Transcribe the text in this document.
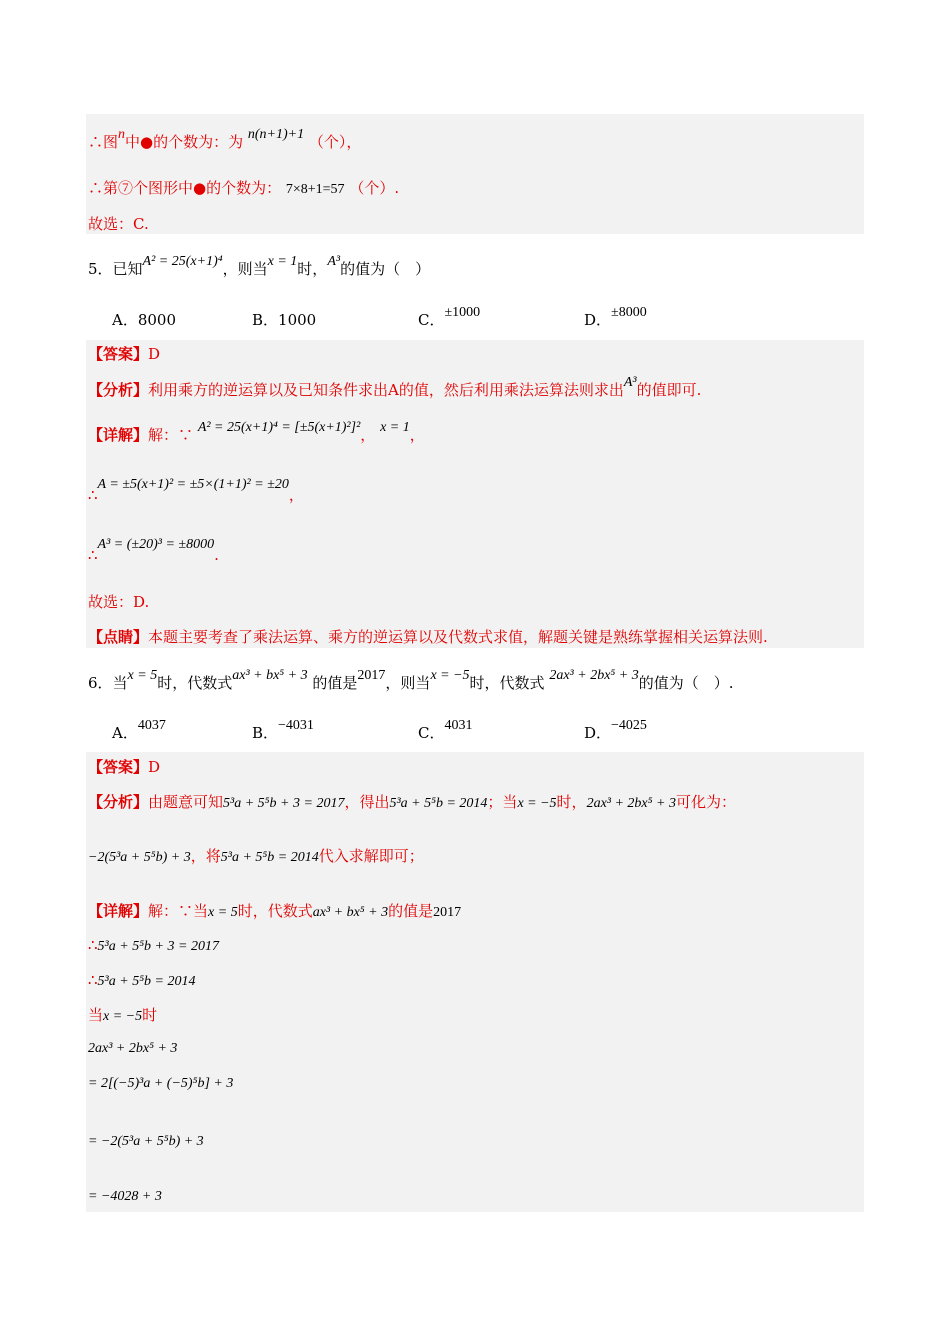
∴图n中●的个数为：为 n(n+1)+1 （个），
∴第⑦个图形中●的个数为： 7×8+1=57 （个）.
故选：C.
5．已知A² = 25(x+1)⁴，则当x = 1时，A³的值为（　）
A．8000	B．1000	C．±1000	D．±8000
【答案】D
【分析】利用乘方的逆运算以及已知条件求出Α的值，然后利用乘法运算法则求出A³的值即可.
【详解】解：∵ A² = 25(x+1)⁴ = [±5(x+1)²]²， x = 1，
∴A = ±5(x+1)² = ±5×(1+1)² = ±20，
∴A³ = (±20)³ = ±8000.
故选：D.
【点睛】本题主要考查了乘法运算、乘方的逆运算以及代数式求值，解题关键是熟练掌握相关运算法则.
6．当x = 5时，代数式ax³ + bx⁵ + 3 的值是2017，则当x = −5时，代数式 2ax³ + 2bx⁵ + 3的值为（　）.
A．4037	B．−4031	C．4031	D．−4025
【答案】D
【分析】由题意可知5³a + 5⁵b + 3 = 2017，得出5³a + 5⁵b = 2014；当x = −5时，2ax³ + 2bx⁵ + 3可化为：
−2(5³a + 5⁵b) + 3，将5³a + 5⁵b = 2014代入求解即可；
【详解】解：∵当x = 5时，代数式ax³ + bx⁵ + 3的值是2017
∴5³a + 5⁵b + 3 = 2017
∴5³a + 5⁵b = 2014
当x = −5时
2ax³ + 2bx⁵ + 3
= 2[(−5)³a + (−5)⁵b] + 3
= −2(5³a + 5⁵b) + 3
= −4028 + 3
